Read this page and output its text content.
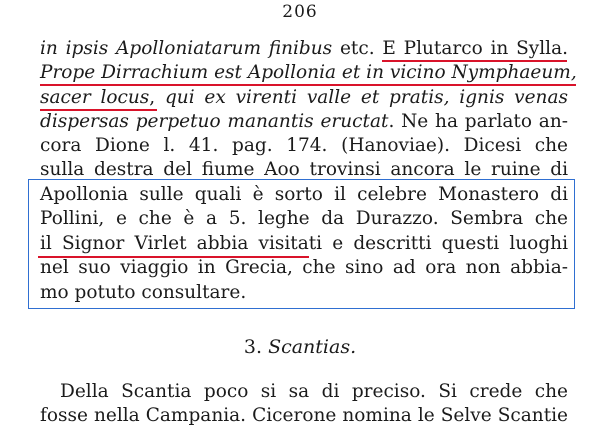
206
in ipsis Apolloniatarum finibus etc. E Plutarco in Sylla.
Prope Dirrachium est Apollonia et in vicino Nymphaeum,
sacer locus, qui ex virenti valle et pratis, ignis venas
dispersas perpetuo manantis eructat. Ne ha parlato an-
cora Dione l. 41. pag. 174. (Hanoviae). Dicesi che
sulla destra del fiume Aoo trovinsi ancora le ruine di
Apollonia sulle quali è sorto il celebre Monastero di
Pollini, e che è a 5. leghe da Durazzo. Sembra che
il Signor Virlet abbia visitati e descritti questi luoghi
nel suo viaggio in Grecia, che sino ad ora non abbia-
mo potuto consultare.
3. Scantias.
Della Scantia poco si sa di preciso. Si crede che
fosse nella Campania. Cicerone nomina le Selve Scantie
